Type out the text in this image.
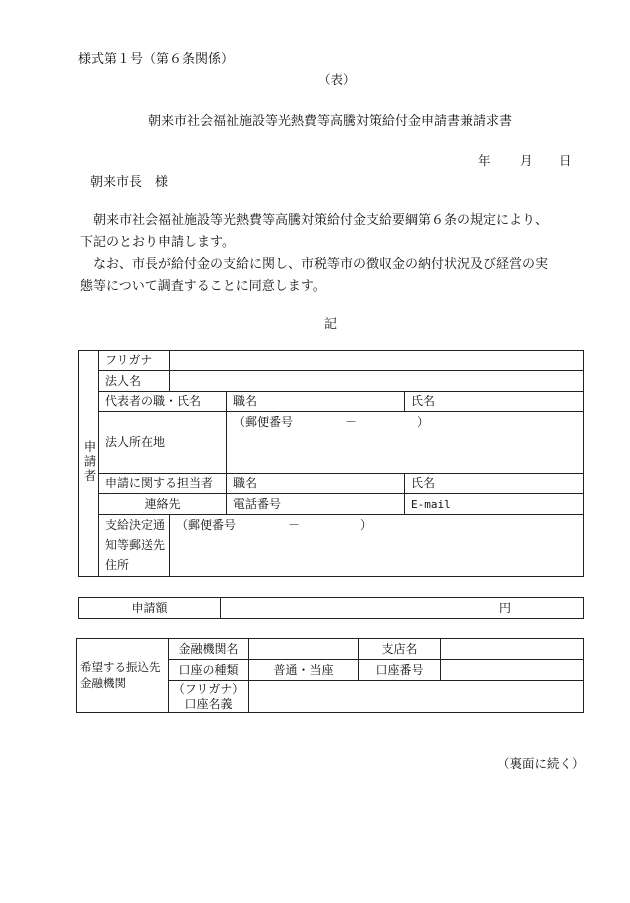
様式第１号（第６条関係）
（表）
朝来市社会福祉施設等光熱費等高騰対策給付金申請書兼請求書
年 月 日
朝来市長　様
　朝来市社会福祉施設等光熱費等高騰対策給付金支給要綱第６条の規定により、
下記のとおり申請します。
　なお、市長が給付金の支給に関し、市税等市の徴収金の納付状況及び経営の実
態等について調査することに同意します。
記
申請者	フリガナ			
	法人名			
	代表者の職・氏名		職名	氏名
	法人所在地		（郵便番号 － ）	
	申請に関する担当者		職名	氏名
	連絡先		電話番号	E-mail

	支給決定通
知等郵送先
住所	（郵便番号 － ）		
申請額	円
希望する振込先
金融機関	金融機関名		支店名	
	口座の種類	普通・当座	口座番号	

	（フリガナ）
口座名義			

（裏面に続く）
